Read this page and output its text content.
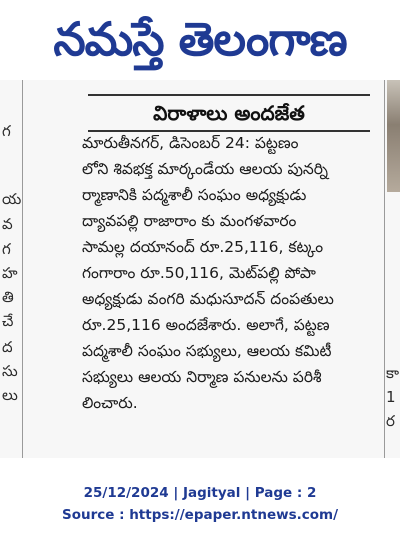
నమస్తే తెలంగాణ
గ
య
వ
గ
హ
తి
చే
ద
సు
లు
విరాళాలు అందజేత
మారుతీనగర్, డిసెంబర్ 24: పట్టణం
లోని శివభక్త మార్కండేయ ఆలయ పునర్ని
ర్మాణానికి పద్మశాలీ సంఘం అధ్యక్షుడు
ద్యావపల్లి రాజారాం కు మంగళవారం
సామల్ల దయానంద్ రూ.25,116, కట్కం
గంగారాం రూ.50,116, మెట్‌పల్లి పోపా
అధ్యక్షుడు వంగరి మధుసూదన్ దంపతులు
రూ.25,116 అందజేశారు. అలాగే, పట్టణ
పద్మశాలీ సంఘం సభ్యులు, ఆలయ కమిటీ
సభ్యులు ఆలయ నిర్మాణ పనులను పరిశీ
లించారు.
కా
1
ర
25/12/2024 | Jagityal | Page : 2
Source : https://epaper.ntnews.com/
